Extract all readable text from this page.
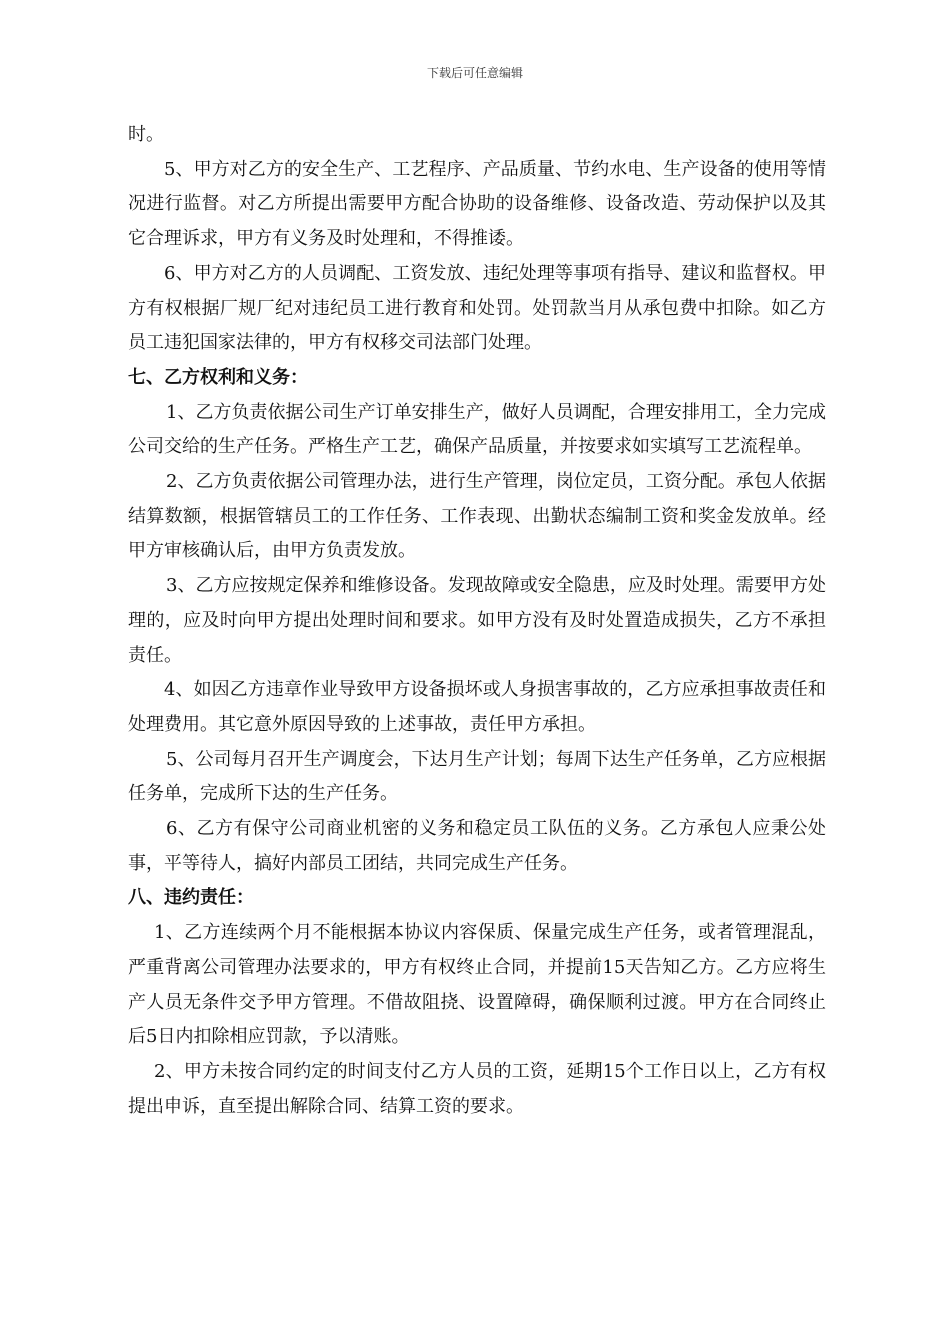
下载后可任意编辑

时。

5、甲方对乙方的安全生产、工艺程序、产品质量、节约水电、生产设备的使用等情况进行监督。对乙方所提出需要甲方配合协助的设备维修、设备改造、劳动保护以及其它合理诉求，甲方有义务及时处理和，不得推诿。

6、甲方对乙方的人员调配、工资发放、违纪处理等事项有指导、建议和监督权。甲方有权根据厂规厂纪对违纪员工进行教育和处罚。处罚款当月从承包费中扣除。如乙方员工违犯国家法律的，甲方有权移交司法部门处理。

七、乙方权利和义务：

1、乙方负责依据公司生产订单安排生产，做好人员调配，合理安排用工，全力完成公司交给的生产任务。严格生产工艺，确保产品质量，并按要求如实填写工艺流程单。

2、乙方负责依据公司管理办法，进行生产管理，岗位定员，工资分配。承包人依据结算数额，根据管辖员工的工作任务、工作表现、出勤状态编制工资和奖金发放单。经甲方审核确认后，由甲方负责发放。

3、乙方应按规定保养和维修设备。发现故障或安全隐患，应及时处理。需要甲方处理的，应及时向甲方提出处理时间和要求。如甲方没有及时处置造成损失，乙方不承担责任。

4、如因乙方违章作业导致甲方设备损坏或人身损害事故的，乙方应承担事故责任和处理费用。其它意外原因导致的上述事故，责任甲方承担。

5、公司每月召开生产调度会，下达月生产计划；每周下达生产任务单，乙方应根据任务单，完成所下达的生产任务。

6、乙方有保守公司商业机密的义务和稳定员工队伍的义务。乙方承包人应秉公处事，平等待人，搞好内部员工团结，共同完成生产任务。

八、违约责任：

1、乙方连续两个月不能根据本协议内容保质、保量完成生产任务，或者管理混乱，严重背离公司管理办法要求的，甲方有权终止合同，并提前15天告知乙方。乙方应将生产人员无条件交予甲方管理。不借故阻挠、设置障碍，确保顺利过渡。甲方在合同终止后5日内扣除相应罚款，予以清账。

2、甲方未按合同约定的时间支付乙方人员的工资，延期15个工作日以上，乙方有权提出申诉，直至提出解除合同、结算工资的要求。
